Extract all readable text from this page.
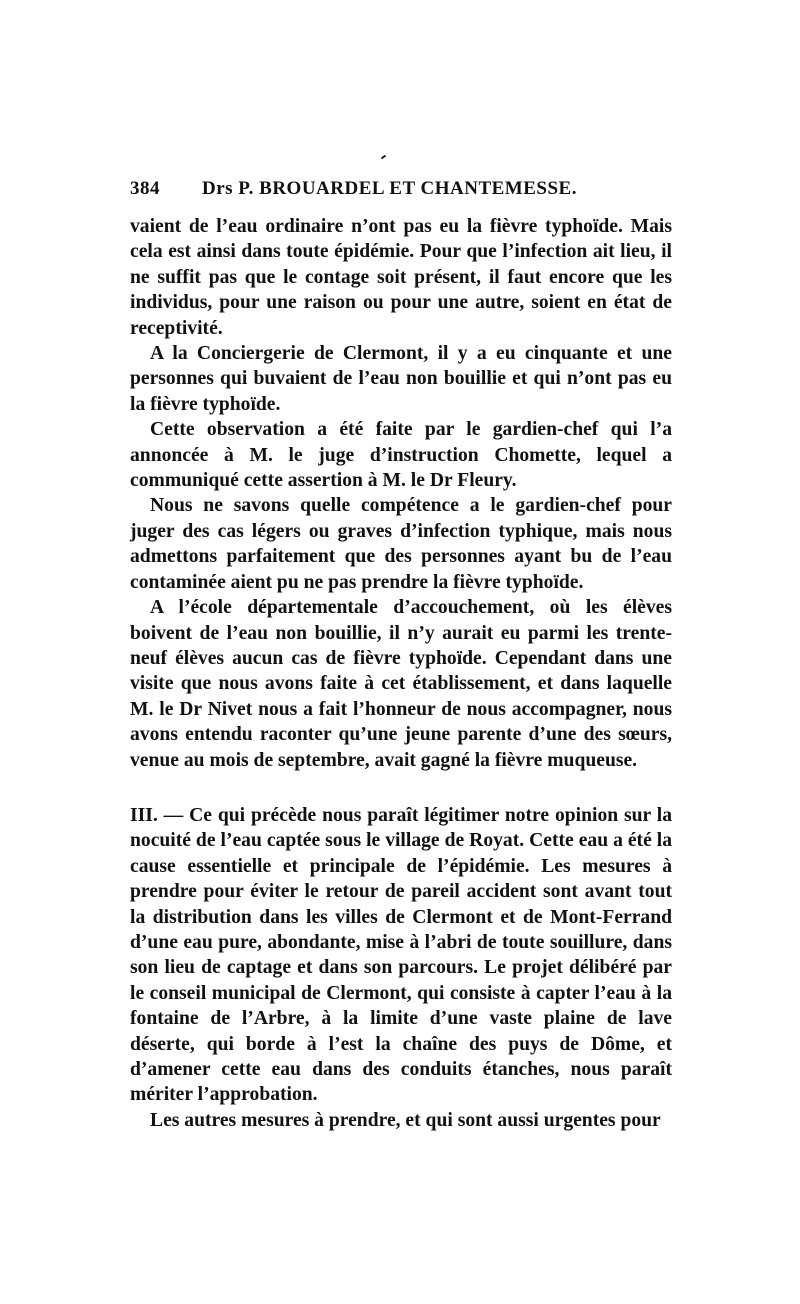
384 Drs P. BROUARDEL ET CHANTEMESSE.

vaient de l’eau ordinaire n’ont pas eu la fièvre typhoïde. Mais cela est ainsi dans toute épidémie. Pour que l’infection ait lieu, il ne suffit pas que le contage soit présent, il faut encore que les individus, pour une raison ou pour une autre, soient en état de receptivité.

A la Conciergerie de Clermont, il y a eu cinquante et une personnes qui buvaient de l’eau non bouillie et qui n’ont pas eu la fièvre typhoïde.

Cette observation a été faite par le gardien-chef qui l’a annoncée à M. le juge d’instruction Chomette, lequel a communiqué cette assertion à M. le Dr Fleury.

Nous ne savons quelle compétence a le gardien-chef pour juger des cas légers ou graves d’infection typhique, mais nous admettons parfaitement que des personnes ayant bu de l’eau contaminée aient pu ne pas prendre la fièvre typhoïde.

A l’école départementale d’accouchement, où les élèves boivent de l’eau non bouillie, il n’y aurait eu parmi les trente-neuf élèves aucun cas de fièvre typhoïde. Cependant dans une visite que nous avons faite à cet établissement, et dans laquelle M. le Dr Nivet nous a fait l’honneur de nous accompagner, nous avons entendu raconter qu’une jeune parente d’une des sœurs, venue au mois de septembre, avait gagné la fièvre muqueuse.

III. — Ce qui précède nous paraît légitimer notre opinion sur la nocuité de l’eau captée sous le village de Royat. Cette eau a été la cause essentielle et principale de l’épidémie. Les mesures à prendre pour éviter le retour de pareil accident sont avant tout la distribution dans les villes de Clermont et de Mont-Ferrand d’une eau pure, abondante, mise à l’abri de toute souillure, dans son lieu de captage et dans son parcours. Le projet délibéré par le conseil municipal de Clermont, qui consiste à capter l’eau à la fontaine de l’Arbre, à la limite d’une vaste plaine de lave déserte, qui borde à l’est la chaîne des puys de Dôme, et d’amener cette eau dans des conduits étanches, nous paraît mériter l’approbation.

Les autres mesures à prendre, et qui sont aussi urgentes pour
